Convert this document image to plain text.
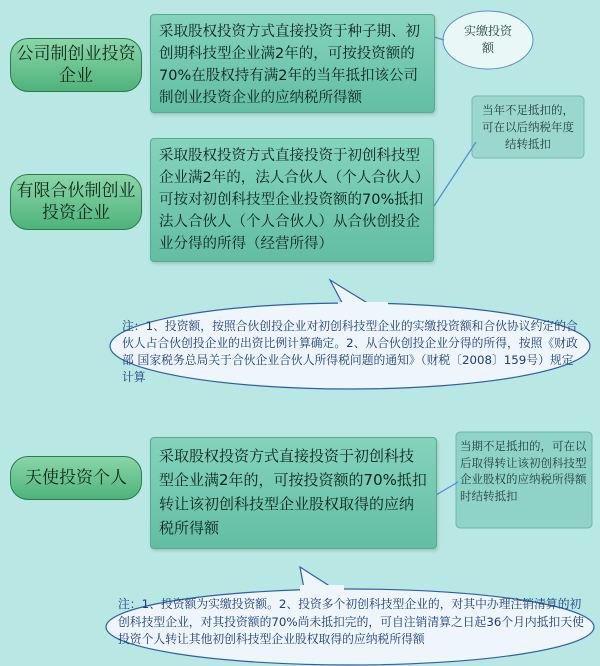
公司制创业投资企业
有限合伙制创业投资企业
天使投资个人
采取股权投资方式直接投资于种子期、初创期科技型企业满2年的，可按投资额的70%在股权持有满2年的当年抵扣该公司制创业投资企业的应纳税所得额
采取股权投资方式直接投资于初创科技型企业满2年的，法人合伙人（个人合伙人）可按对初创科技型企业投资额的70%抵扣法人合伙人（个人合伙人）从合伙创投企业分得的所得（经营所得）
采取股权投资方式直接投资于初创科技型企业满2年的，可按投资额的70%抵扣转让该初创科技型企业股权取得的应纳税所得额
实缴投资额
当年不足抵扣的，可在以后纳税年度结转抵扣
当期不足抵扣的，可在以后取得转让该初创科技型企业股权的应纳税所得额时结转抵扣
注：1、投资额，按照合伙创投企业对初创科技型企业的实缴投资额和合伙协议约定的合伙人占合伙创投企业的出资比例计算确定。2、从合伙创投企业分得的所得，按照《财政部 国家税务总局关于合伙企业合伙人所得税问题的通知》（财税〔2008〕159号）规定计算
注：1、投资额为实缴投资额。2、投资多个初创科技型企业的，对其中办理注销清算的初创科技型企业，对其投资额的70%尚未抵扣完的，可自注销清算之日起36个月内抵扣天使投资个人转让其他初创科技型企业股权取得的应纳税所得额
